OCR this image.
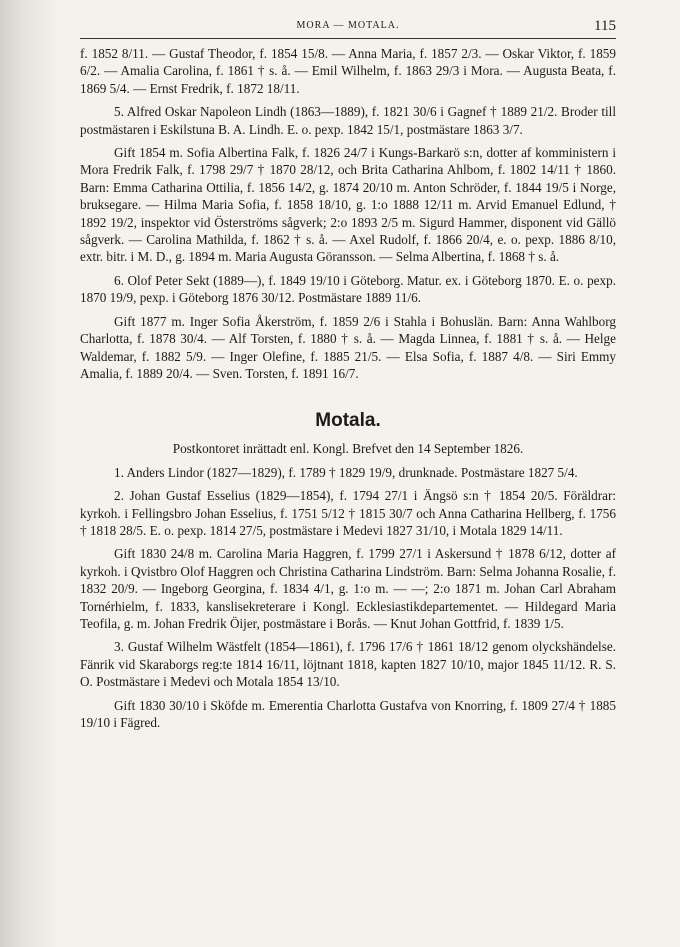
MORA — MOTALA.	115

f. 1852 8/11. — Gustaf Theodor, f. 1854 15/8. — Anna Maria, f. 1857 2/3. — Oskar Viktor, f. 1859 6/2. — Amalia Carolina, f. 1861 † s. å. — Emil Wilhelm, f. 1863 29/3 i Mora. — Augusta Beata, f. 1869 5/4. — Ernst Fredrik, f. 1872 18/11.

5. Alfred Oskar Napoleon Lindh (1863—1889), f. 1821 30/6 i Gagnef † 1889 21/2. Broder till postmästaren i Eskilstuna B. A. Lindh. E. o. pexp. 1842 15/1, postmästare 1863 3/7.

Gift 1854 m. Sofia Albertina Falk, f. 1826 24/7 i Kungs-Barkarö s:n, dotter af komministern i Mora Fredrik Falk, f. 1798 29/7 † 1870 28/12, och Brita Catharina Ahlbom, f. 1802 14/11 † 1860. Barn: Emma Catharina Ottilia, f. 1856 14/2, g. 1874 20/10 m. Anton Schröder, f. 1844 19/5 i Norge, bruksegare. — Hilma Maria Sofia, f. 1858 18/10, g. 1:o 1888 12/11 m. Arvid Emanuel Edlund, † 1892 19/2, inspektor vid Österströms sågverk; 2:o 1893 2/5 m. Sigurd Hammer, disponent vid Gällö sågverk. — Carolina Mathilda, f. 1862 † s. å. — Axel Rudolf, f. 1866 20/4, e. o. pexp. 1886 8/10, extr. bitr. i M. D., g. 1894 m. Maria Augusta Göransson. — Selma Albertina, f. 1868 † s. å.

6. Olof Peter Sekt (1889—), f. 1849 19/10 i Göteborg. Matur. ex. i Göteborg 1870. E. o. pexp. 1870 19/9, pexp. i Göteborg 1876 30/12. Postmästare 1889 11/6.

Gift 1877 m. Inger Sofia Åkerström, f. 1859 2/6 i Stahla i Bohuslän. Barn: Anna Wahlborg Charlotta, f. 1878 30/4. — Alf Torsten, f. 1880 † s. å. — Magda Linnea, f. 1881 † s. å. — Helge Waldemar, f. 1882 5/9. — Inger Olefine, f. 1885 21/5. — Elsa Sofia, f. 1887 4/8. — Siri Emmy Amalia, f. 1889 20/4. — Sven. Torsten, f. 1891 16/7.

Motala.

Postkontoret inrättadt enl. Kongl. Brefvet den 14 September 1826.

1. Anders Lindor (1827—1829), f. 1789 † 1829 19/9, drunknade. Postmästare 1827 5/4.

2. Johan Gustaf Esselius (1829—1854), f. 1794 27/1 i Ängsö s:n † 1854 20/5. Föräldrar: kyrkoh. i Fellingsbro Johan Esselius, f. 1751 5/12 † 1815 30/7 och Anna Catharina Hellberg, f. 1756 † 1818 28/5. E. o. pexp. 1814 27/5, postmästare i Medevi 1827 31/10, i Motala 1829 14/11.

Gift 1830 24/8 m. Carolina Maria Haggren, f. 1799 27/1 i Askersund † 1878 6/12, dotter af kyrkoh. i Qvistbro Olof Haggren och Christina Catharina Lindström. Barn: Selma Johanna Rosalie, f. 1832 20/9. — Ingeborg Georgina, f. 1834 4/1, g. 1:o m. — —; 2:o 1871 m. Johan Carl Abraham Tornérhielm, f. 1833, kanslisekreterare i Kongl. Ecklesiastikdepartementet. — Hildegard Maria Teofila, g. m. Johan Fredrik Öijer, postmästare i Borås. — Knut Johan Gottfrid, f. 1839 1/5.

3. Gustaf Wilhelm Wästfelt (1854—1861), f. 1796 17/6 † 1861 18/12 genom olyckshändelse. Fänrik vid Skaraborgs reg:te 1814 16/11, löjtnant 1818, kapten 1827 10/10, major 1845 11/12. R. S. O. Postmästare i Medevi och Motala 1854 13/10.

Gift 1830 30/10 i Sköfde m. Emerentia Charlotta Gustafva von Knorring, f. 1809 27/4 † 1885 19/10 i Fägred.
